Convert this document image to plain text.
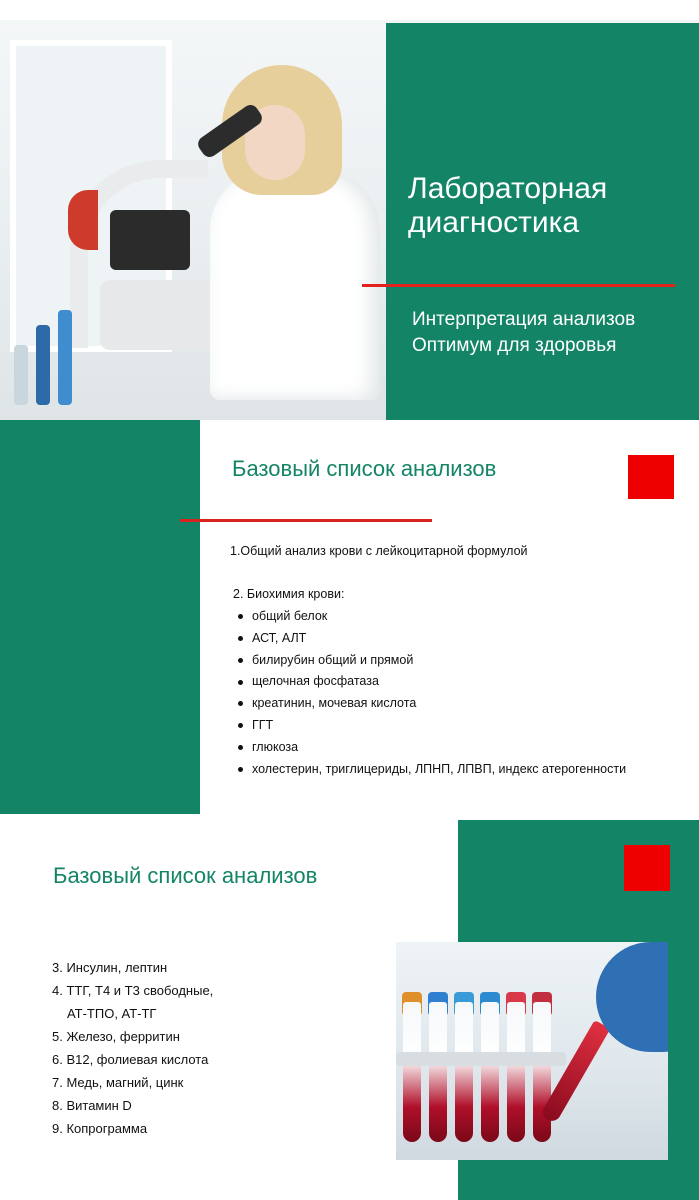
Лабораторная диагностика
Интерпретация анализов
Оптимум для здоровья
Базовый список анализов
1.Общий анализ крови с лейкоцитарной формулой
2. Биохимия крови:
общий белок
АСТ, АЛТ
билирубин общий и прямой
щелочная фосфатаза
креатинин, мочевая кислота
ГГТ
глюкоза
холестерин, триглицериды, ЛПНП, ЛПВП, индекс атерогенности
Базовый список анализов
3. Инсулин, лептин
4. ТТГ, Т4 и Т3 свободные,
АТ-ТПО, АТ-ТГ
5. Железо, ферритин
6. В12, фолиевая кислота
7. Медь, магний, цинк
8. Витамин D
9. Копрограмма
